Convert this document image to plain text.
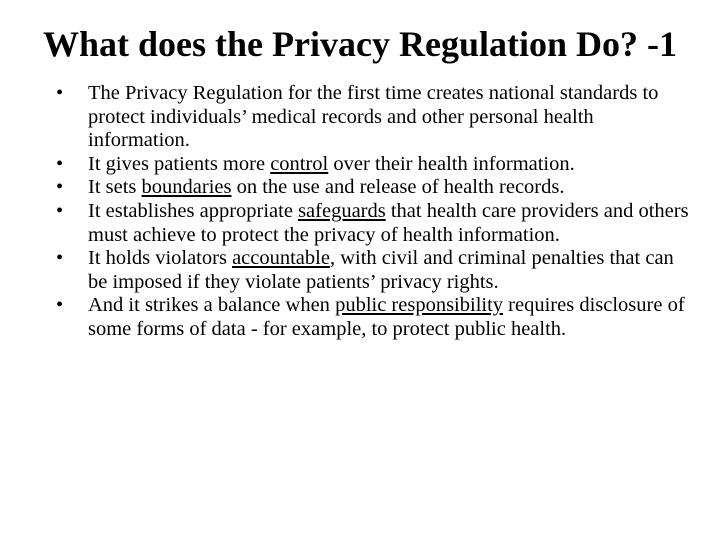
What does the Privacy Regulation Do? -1
•	The Privacy Regulation for the first time creates national standards to protect individuals’ medical records and other personal health information.
•	It gives patients more control over their health information.
•	It sets boundaries on the use and release of health records.
•	It establishes appropriate safeguards that health care providers and others must achieve to protect the privacy of health information.
•	It holds violators accountable, with civil and criminal penalties that can be imposed if they violate patients’ privacy rights.
•	And it strikes a balance when public responsibility requires disclosure of some forms of data - for example, to protect public health.
